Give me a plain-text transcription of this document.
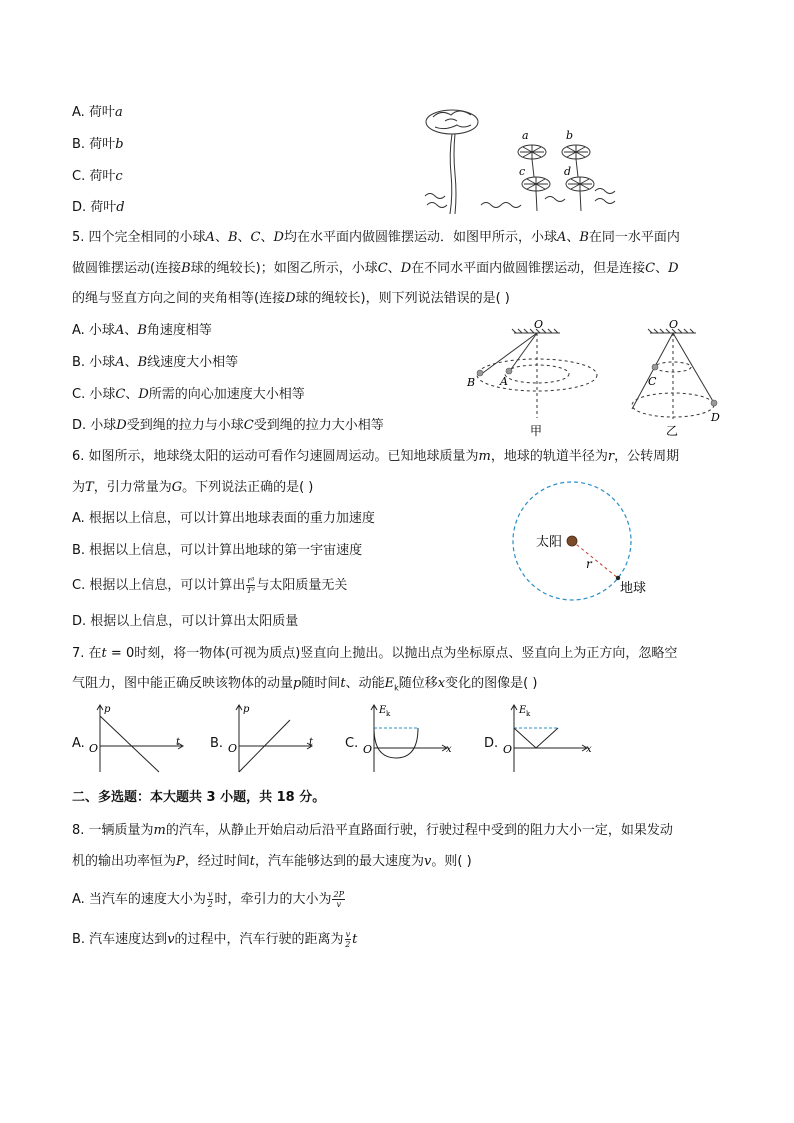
A. 荷叶a
B. 荷叶b
C. 荷叶c
D. 荷叶d
a	b
c	d
5. 四个完全相同的小球A、B、C、D均在水平面内做圆锥摆运动．如图甲所示，小球A、B在同一水平面内
做圆锥摆运动(连接B球的绳较长)；如图乙所示，小球C、D在不同水平面内做圆锥摆运动，但是连接C、D
的绳与竖直方向之间的夹角相等(连接D球的绳较长)，则下列说法错误的是( )
A. 小球A、B角速度相等
B. 小球A、B线速度大小相等
C. 小球C、D所需的向心加速度大小相等
D. 小球D受到绳的拉力与小球C受到绳的拉力大小相等
O
B A
甲
O
C
D
乙
6. 如图所示，地球绕太阳的运动可看作匀速圆周运动。已知地球质量为m，地球的轨道半径为r，公转周期
为T，引力常量为G。下列说法正确的是( )
A. 根据以上信息，可以计算出地球表面的重力加速度
B. 根据以上信息，可以计算出地球的第一宇宙速度
C. 根据以上信息，可以计算出 $\frac{\text{r³}}{\text{T²}}$ 与太阳质量无关
D. 根据以上信息，可以计算出太阳质量
太阳
r
地球
7. 在t = 0时刻，将一物体(可视为质点)竖直向上抛出。以抛出点为坐标原点、竖直向上为正方向，忽略空
气阻力，图中能正确反映该物体的动量p随时间t、动能$E_k$随位移x变化的图像是( )
A.
p
t
O	B.
p
t
O	C.
E k
x
O	D.
E k
x
O
二、多选题：本大题共 3 小题，共 18 分。
8. 一辆质量为m的汽车，从静止开始启动后沿平直路面行驶，行驶过程中受到的阻力大小一定，如果发动
机的输出功率恒为P，经过时间t，汽车能够达到的最大速度为v。则( )
A. 当汽车的速度大小为 $\frac{v}{2}$ 时，牵引力的大小为 $\frac{2P}{v}$
B. 汽车速度达到v的过程中，汽车行驶的距离为 $\frac{v}{2}$ t
